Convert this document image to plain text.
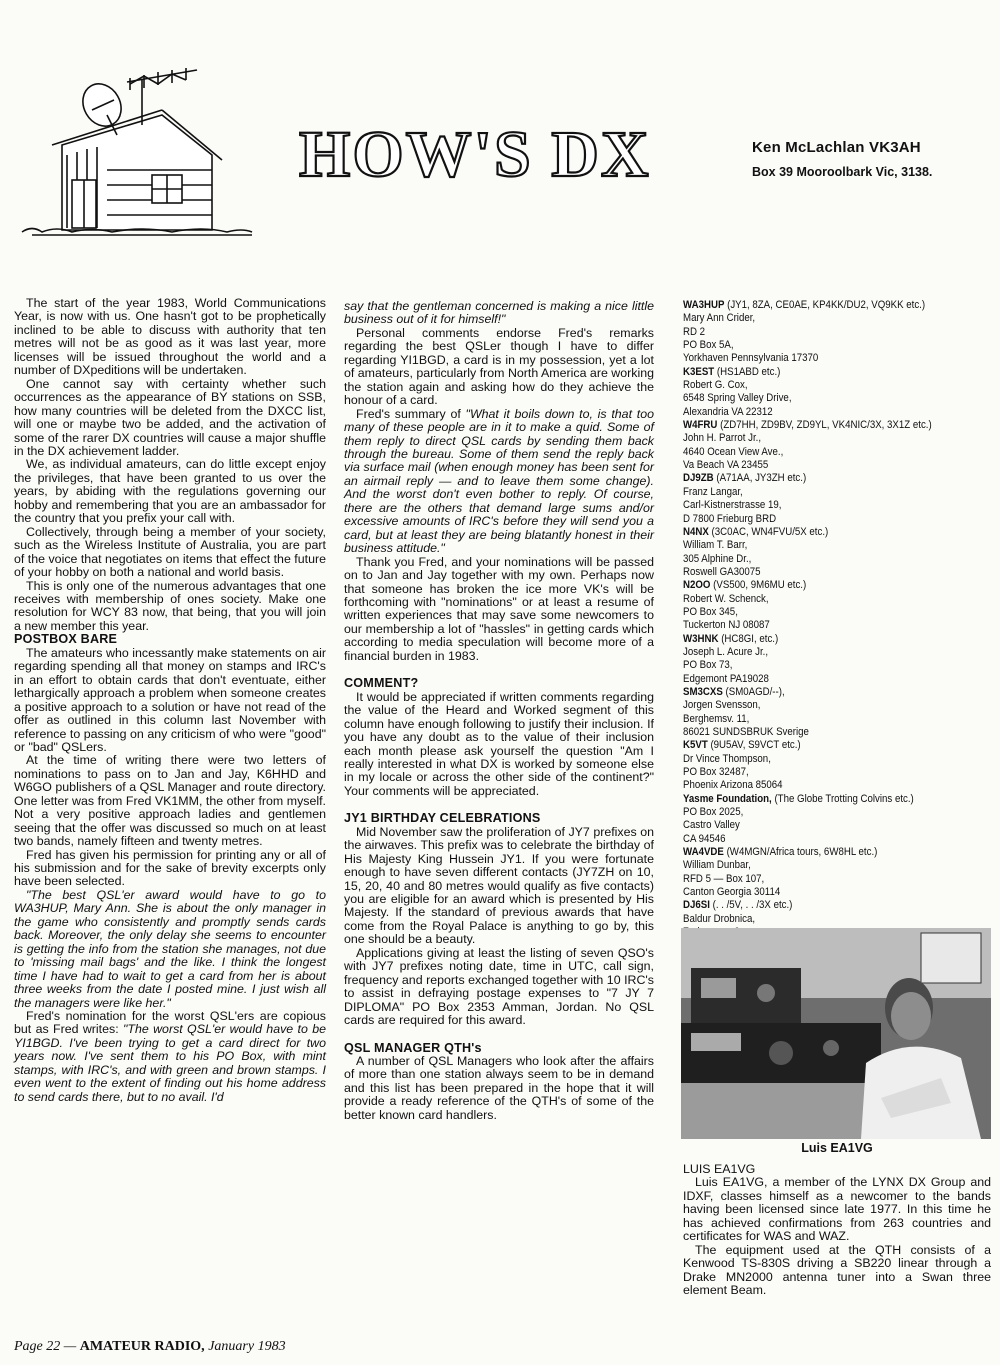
HOW'S DX	Ken McLachlan VK3AH
Box 39 Mooroolbark Vic, 3138.

The start of the year 1983, World Communications Year, is now with us. One hasn't got to be prophetically inclined to be able to discuss with authority that ten metres will not be as good as it was last year, more licenses will be issued throughout the world and a number of DXpeditions will be undertaken.

One cannot say with certainty whether such occurrences as the appearance of BY stations on SSB, how many countries will be deleted from the DXCC list, will one or maybe two be added, and the activation of some of the rarer DX countries will cause a major shuffle in the DX achievement ladder.

We, as individual amateurs, can do little except enjoy the privileges, that have been granted to us over the years, by abiding with the regulations governing our hobby and remembering that you are an ambassador for the country that you prefix your call with.

Collectively, through being a member of your society, such as the Wireless Institute of Australia, you are part of the voice that negotiates on items that effect the future of your hobby on both a national and world basis.

This is only one of the numerous advantages that one receives with membership of ones society. Make one resolution for WCY 83 now, that being, that you will join a new member this year.

POSTBOX BARE

The amateurs who incessantly make statements on air regarding spending all that money on stamps and IRC's in an effort to obtain cards that don't eventuate, either lethargically approach a problem when someone creates a positive approach to a solution or have not read of the offer as outlined in this column last November with reference to passing on any criticism of who were "good" or "bad" QSLers.

At the time of writing there were two letters of nominations to pass on to Jan and Jay, K6HHD and W6GO publishers of a QSL Manager and route directory. One letter was from Fred VK1MM, the other from myself. Not a very positive approach ladies and gentlemen seeing that the offer was discussed so much on at least two bands, namely fifteen and twenty metres.

Fred has given his permission for printing any or all of his submission and for the sake of brevity excerpts only have been selected.

"The best QSL'er award would have to go to WA3HUP, Mary Ann. She is about the only manager in the game who consistently and promptly sends cards back. Moreover, the only delay she seems to encounter is getting the info from the station she manages, not due to 'missing mail bags' and the like. I think the longest time I have had to wait to get a card from her is about three weeks from the date I posted mine. I just wish all the managers were like her."

Fred's nomination for the worst QSL'ers are copious but as Fred writes: "The worst QSL'er would have to be YI1BGD. I've been trying to get a card direct for two years now. I've sent them to his PO Box, with mint stamps, with IRC's, and with green and brown stamps. I even went to the extent of finding out his home address to send cards there, but to no avail. I'd

say that the gentleman concerned is making a nice little business out of it for himself!"

Personal comments endorse Fred's remarks regarding the best QSLer though I have to differ regarding YI1BGD, a card is in my possession, yet a lot of amateurs, particularly from North America are working the station again and asking how do they achieve the honour of a card.

Fred's summary of "What it boils down to, is that too many of these people are in it to make a quid. Some of them reply to direct QSL cards by sending them back through the bureau. Some of them send the reply back via surface mail (when enough money has been sent for an airmail reply — and to leave them some change). And the worst don't even bother to reply. Of course, there are the others that demand large sums and/or excessive amounts of IRC's before they will send you a card, but at least they are being blatantly honest in their business attitude."

Thank you Fred, and your nominations will be passed on to Jan and Jay together with my own. Perhaps now that someone has broken the ice more VK's will be forthcoming with "nominations" or at least a resume of written experiences that may save some newcomers to our membership a lot of "hassles" in getting cards which according to media speculation will become more of a financial burden in 1983.

COMMENT?

It would be appreciated if written comments regarding the value of the Heard and Worked segment of this column have enough following to justify their inclusion. If you have any doubt as to the value of their inclusion each month please ask yourself the question "Am I really interested in what DX is worked by someone else in my locale or across the other side of the continent?" Your comments will be appreciated.

JY1 BIRTHDAY CELEBRATIONS

Mid November saw the proliferation of JY7 prefixes on the airwaves. This prefix was to celebrate the birthday of His Majesty King Hussein JY1. If you were fortunate enough to have seven different contacts (JY7ZH on 10, 15, 20, 40 and 80 metres would qualify as five contacts) you are eligible for an award which is presented by His Majesty. If the standard of previous awards that have come from the Royal Palace is anything to go by, this one should be a beauty.

Applications giving at least the listing of seven QSO's with JY7 prefixes noting date, time in UTC, call sign, frequency and reports exchanged together with 10 IRC's to assist in defraying postage expenses to "7 JY 7 DIPLOMA" PO Box 2353 Amman, Jordan. No QSL cards are required for this award.

QSL MANAGER QTH's

A number of QSL Managers who look after the affairs of more than one station always seem to be in demand and this list has been prepared in the hope that it will provide a ready reference of the QTH's of some of the better known card handlers.

WA3HUP (JY1, 8ZA, CE0AE, KP4KK/DU2, VQ9KK etc.)
Mary Ann Crider,
RD 2
PO Box 5A,
Yorkhaven Pennsylvania 17370
K3EST (HS1ABD etc.)
Robert G. Cox,
6548 Spring Valley Drive,
Alexandria VA 22312
W4FRU (ZD7HH, ZD9BV, ZD9YL, VK4NIC/3X, 3X1Z etc.)
John H. Parrot Jr.,
4640 Ocean View Ave.,
Va Beach VA 23455
DJ9ZB (A71AA, JY3ZH etc.)
Franz Langar,
Carl-Kistnerstrasse 19,
D 7800 Frieburg BRD
N4NX (3C0AC, WN4FVU/5X etc.)
William T. Barr,
305 Alphine Dr.,
Roswell GA30075
N2OO (VS500, 9M6MU etc.)
Robert W. Schenck,
PO Box 345,
Tuckerton NJ 08087
W3HNK (HC8GI, etc.)
Joseph L. Acure Jr.,
PO Box 73,
Edgemont PA19028
SM3CXS (SM0AGD/--),
Jorgen Svensson,
Berghemsv. 11,
86021 SUNDSBRUK Sverige
K5VT (9U5AV, S9VCT etc.)
Dr Vince Thompson,
PO Box 32487,
Phoenix Arizona 85064
Yasme Foundation, (The Globe Trotting Colvins etc.)
PO Box 2025,
Castro Valley
CA 94546
WA4VDE (W4MGN/Africa tours, 6W8HL etc.)
William Dunbar,
RFD 5 — Box 107,
Canton Georgia 30114
DJ6SI (. . /5V, . . /3X etc.)
Baldur Drobnica,
Luis EA1VG
LUIS EA1VG

Luis EA1VG, a member of the LYNX DX Group and IDXF, classes himself as a newcomer to the bands having been licensed since late 1977. In this time he has achieved confirmations from 263 countries and certificates for WAS and WAZ.

The equipment used at the QTH consists of a Kenwood TS-830S driving a SB220 linear through a Drake MN2000 antenna tuner into a Swan three element Beam.

Page 22 — AMATEUR RADIO, January 1983
